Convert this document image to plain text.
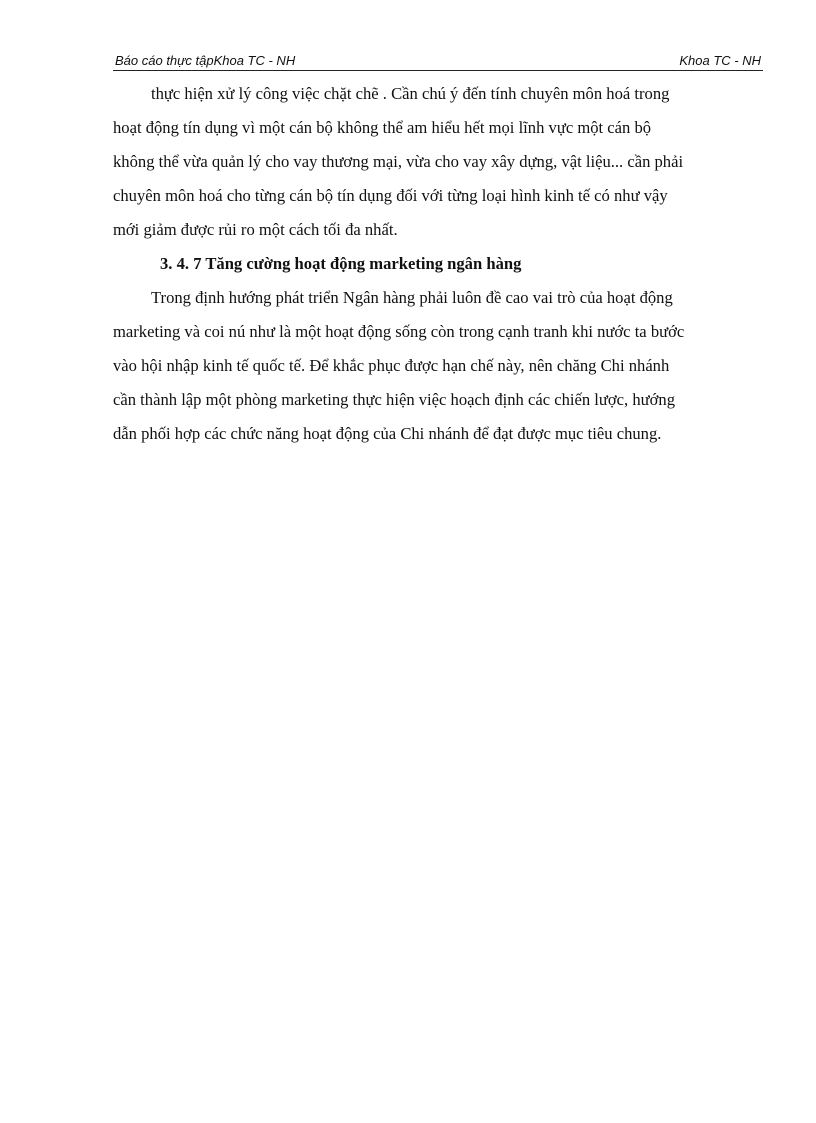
Báo cáo thực tậpKhoa TC - NH	Khoa TC - NH
thực hiện xử lý công việc chặt chẽ . Cần chú ý đến tính chuyên môn hoá trong
hoạt động tín dụng vì một cán bộ không thể am hiểu hết mọi lĩnh vực một cán bộ
không thể vừa quản lý cho vay thương mại, vừa cho vay xây dựng, vật liệu... cần phải
chuyên môn hoá cho từng cán bộ tín dụng đối với từng loại hình kinh tế có như vậy
mới giảm được rủi ro một cách tối đa nhất.
3. 4. 7 Tăng cường hoạt động marketing ngân hàng
Trong định hướng phát triển Ngân hàng phải luôn đề cao vai trò của hoạt động
marketing và coi nú như là một hoạt động sống còn trong cạnh tranh khi nước ta bước
vào hội nhập kinh tế quốc tế. Để khắc phục được hạn chế này, nên chăng Chi nhánh
cần thành lập một phòng marketing thực hiện việc hoạch định các chiến lược, hướng
dẫn phối hợp các chức năng hoạt động của Chi nhánh để đạt được mục tiêu chung.
